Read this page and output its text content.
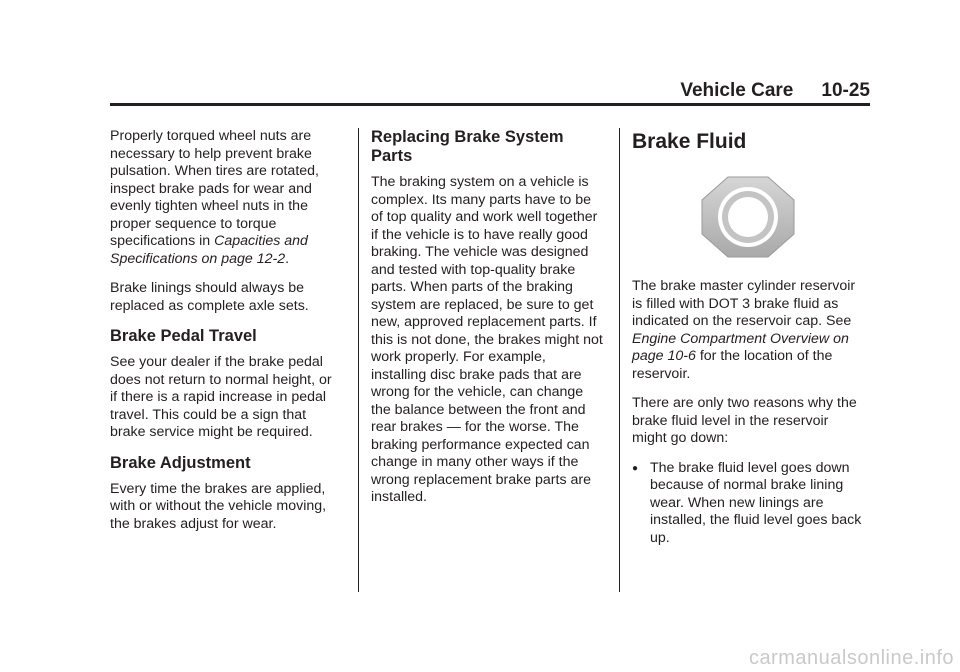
Vehicle Care 10-25

Properly torqued wheel nuts are necessary to help prevent brake pulsation. When tires are rotated, inspect brake pads for wear and evenly tighten wheel nuts in the proper sequence to torque specifications in Capacities and Specifications on page 12-2.

Brake linings should always be replaced as complete axle sets.

Brake Pedal Travel

See your dealer if the brake pedal does not return to normal height, or if there is a rapid increase in pedal travel. This could be a sign that brake service might be required.

Brake Adjustment

Every time the brakes are applied, with or without the vehicle moving, the brakes adjust for wear.

Replacing Brake System Parts

The braking system on a vehicle is complex. Its many parts have to be of top quality and work well together if the vehicle is to have really good braking. The vehicle was designed and tested with top-quality brake parts. When parts of the braking system are replaced, be sure to get new, approved replacement parts. If this is not done, the brakes might not work properly. For example, installing disc brake pads that are wrong for the vehicle, can change the balance between the front and rear brakes — for the worse. The braking performance expected can change in many other ways if the wrong replacement brake parts are installed.

Brake Fluid

The brake master cylinder reservoir is filled with DOT 3 brake fluid as indicated on the reservoir cap. See Engine Compartment Overview on page 10-6 for the location of the reservoir.

There are only two reasons why the brake fluid level in the reservoir might go down:

● The brake fluid level goes down because of normal brake lining wear. When new linings are installed, the fluid level goes back up.
carmanualsonline.info
